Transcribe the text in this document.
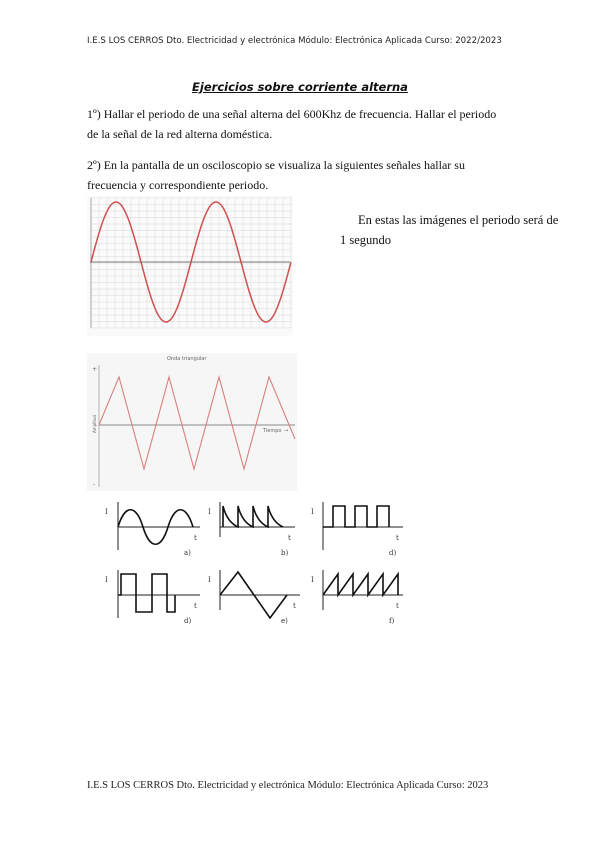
I.E.S LOS CERROS Dto. Electricidad y electrónica Módulo: Electrónica Aplicada Curso: 2022/2023
Ejercicios sobre corriente alterna
1º) Hallar el periodo de una señal alterna del 600Khz de frecuencia. Hallar el periodo de la señal de la red alterna doméstica.
2º) En la pantalla de un osciloscopio se visualiza la siguientes señales hallar su frecuencia y correspondiente periodo.
En estas las imágenes el periodo será de
1 segundo
Onda triangular
+
-
Amplitud	Tiempo →
I
t
a)
I
t
b)
I
t
d)
I
t
d)
I
t
e)
I
t
f)
I.E.S LOS CERROS Dto. Electricidad y electrónica Módulo: Electrónica Aplicada Curso: 2023
